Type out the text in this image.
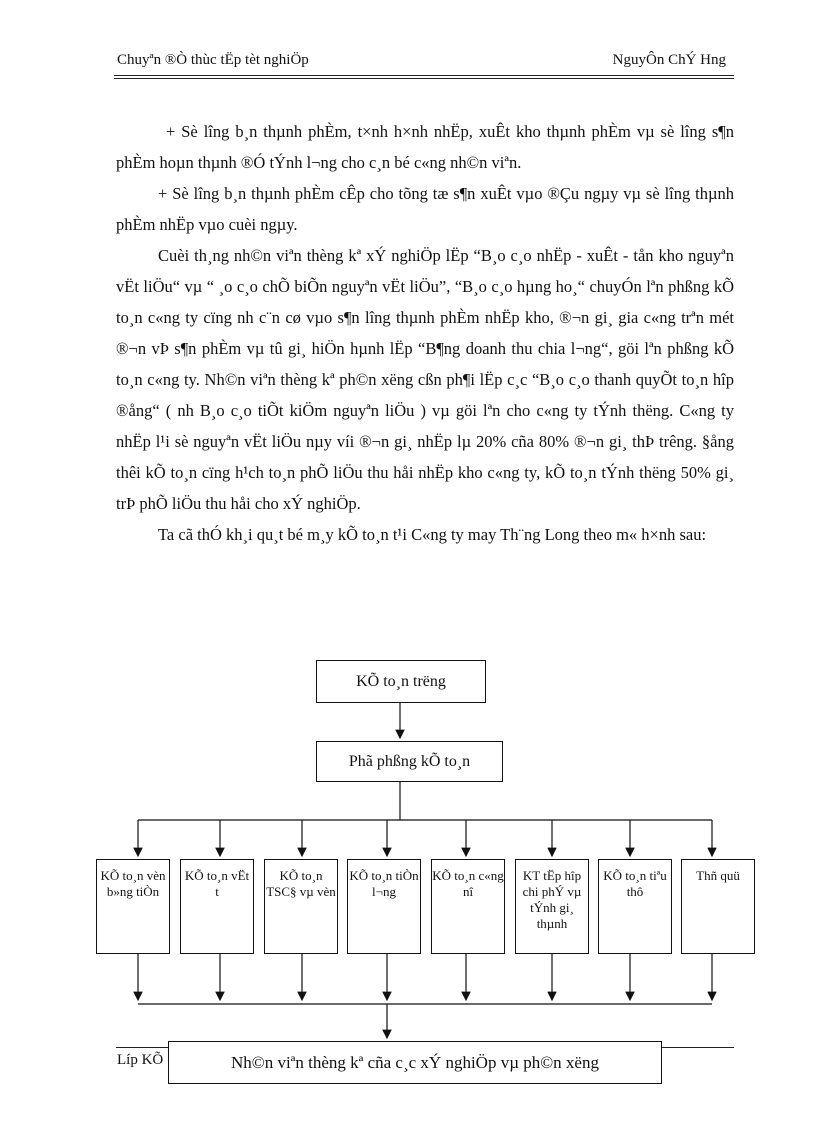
Chuyªn ®Ò thùc tËp tèt nghiÖp	NguyÔn ChÝ Hng

+ Sè lîng b¸n thµnh phÈm, t×nh h×nh nhËp, xuÊt kho thµnh phÈm vµ sè lîng s¶n phÈm hoµn thµnh ®Ó tÝnh l¬ng cho c¸n bé c«ng nh©n viªn.

+ Sè lîng b¸n thµnh phÈm cÊp cho tõng tæ s¶n xuÊt vµo ®Çu ngµy vµ sè lîng thµnh phÈm nhËp vµo cuèi ngµy.

Cuèi th¸ng nh©n viªn thèng kª xÝ nghiÖp lËp “B¸o c¸o nhËp - xuÊt - tån kho nguyªn vËt liÖu“ vµ “ ¸o c¸o chÕ biÕn nguyªn vËt liÖu”, “B¸o c¸o hµng ho¸“ chuyÓn lªn phßng kÕ to¸n c«ng ty cïng nh c¨n cø vµo s¶n lîng thµnh phÈm nhËp kho, ®¬n gi¸ gia c«ng trªn mét ®¬n vÞ s¶n phÈm vµ tû gi¸ hiÖn hµnh lËp “B¶ng doanh thu chia l¬ng“, göi lªn phßng kÕ to¸n c«ng ty. Nh©n viªn thèng kª ph©n xëng cßn ph¶i lËp c¸c “B¸o c¸o thanh quyÕt to¸n hîp ®ång“ ( nh B¸o c¸o tiÕt kiÖm nguyªn liÖu ) vµ göi lªn cho c«ng ty tÝnh thëng. C«ng ty nhËp l¹i sè nguyªn vËt liÖu nµy víi ®¬n gi¸ nhËp lµ 20% cña 80% ®¬n gi¸ thÞ trêng. §ång thêi kÕ to¸n cïng h¹ch to¸n phÕ liÖu thu håi nhËp kho c«ng ty, kÕ to¸n tÝnh thëng 50% gi¸ trÞ phÕ liÖu thu håi cho xÝ nghiÖp.

Ta cã thÓ kh¸i qu¸t bé m¸y kÕ to¸n t¹i C«ng ty may Th¨ng Long theo m« h×nh sau:

KÕ to¸n trëng
Phã phßng kÕ to¸n
KÕ to¸n vèn b»ng tiÒn
KÕ to¸n vËt t
KÕ to¸n TSC§ vµ vèn
KÕ to¸n tiÒn l¬ng
KÕ to¸n c«ng nî
KT tËp hîp chi phÝ vµ tÝnh gi¸ thµnh
KÕ to¸n tiªu thô
Thñ quü
Líp KÕ	Nh©n viªn thèng kª cña c¸c xÝ nghiÖp vµ ph©n xëng
